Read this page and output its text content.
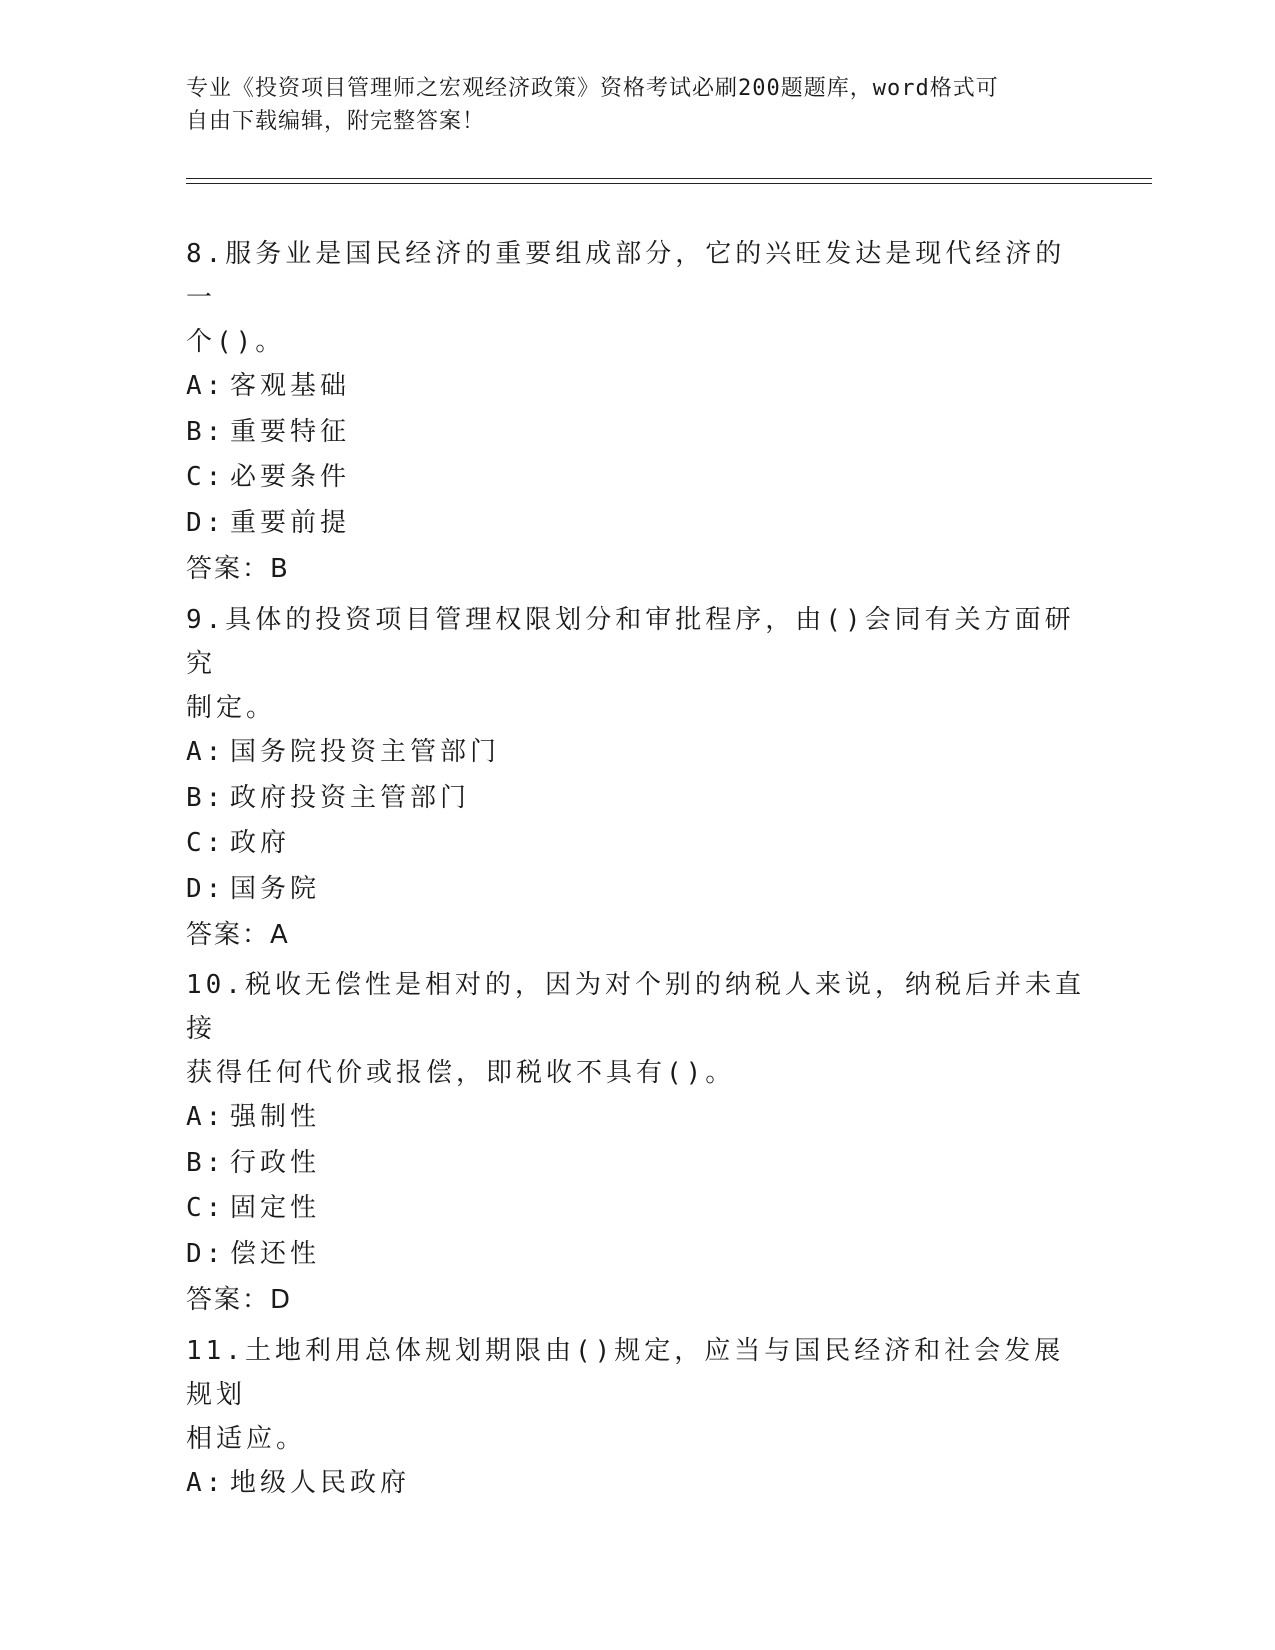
专业《投资项目管理师之宏观经济政策》资格考试必刷200题题库，word格式可
自由下载编辑，附完整答案！
8.服务业是国民经济的重要组成部分，它的兴旺发达是现代经济的一
个()。
A: 客观基础
B: 重要特征
C: 必要条件
D: 重要前提
答案：B
9.具体的投资项目管理权限划分和审批程序，由()会同有关方面研究
制定。
A: 国务院投资主管部门
B: 政府投资主管部门
C: 政府
D: 国务院
答案：A
10.税收无偿性是相对的，因为对个别的纳税人来说，纳税后并未直接
获得任何代价或报偿，即税收不具有()。
A: 强制性
B: 行政性
C: 固定性
D: 偿还性
答案：D
11.土地利用总体规划期限由()规定，应当与国民经济和社会发展规划
相适应。
A: 地级人民政府
